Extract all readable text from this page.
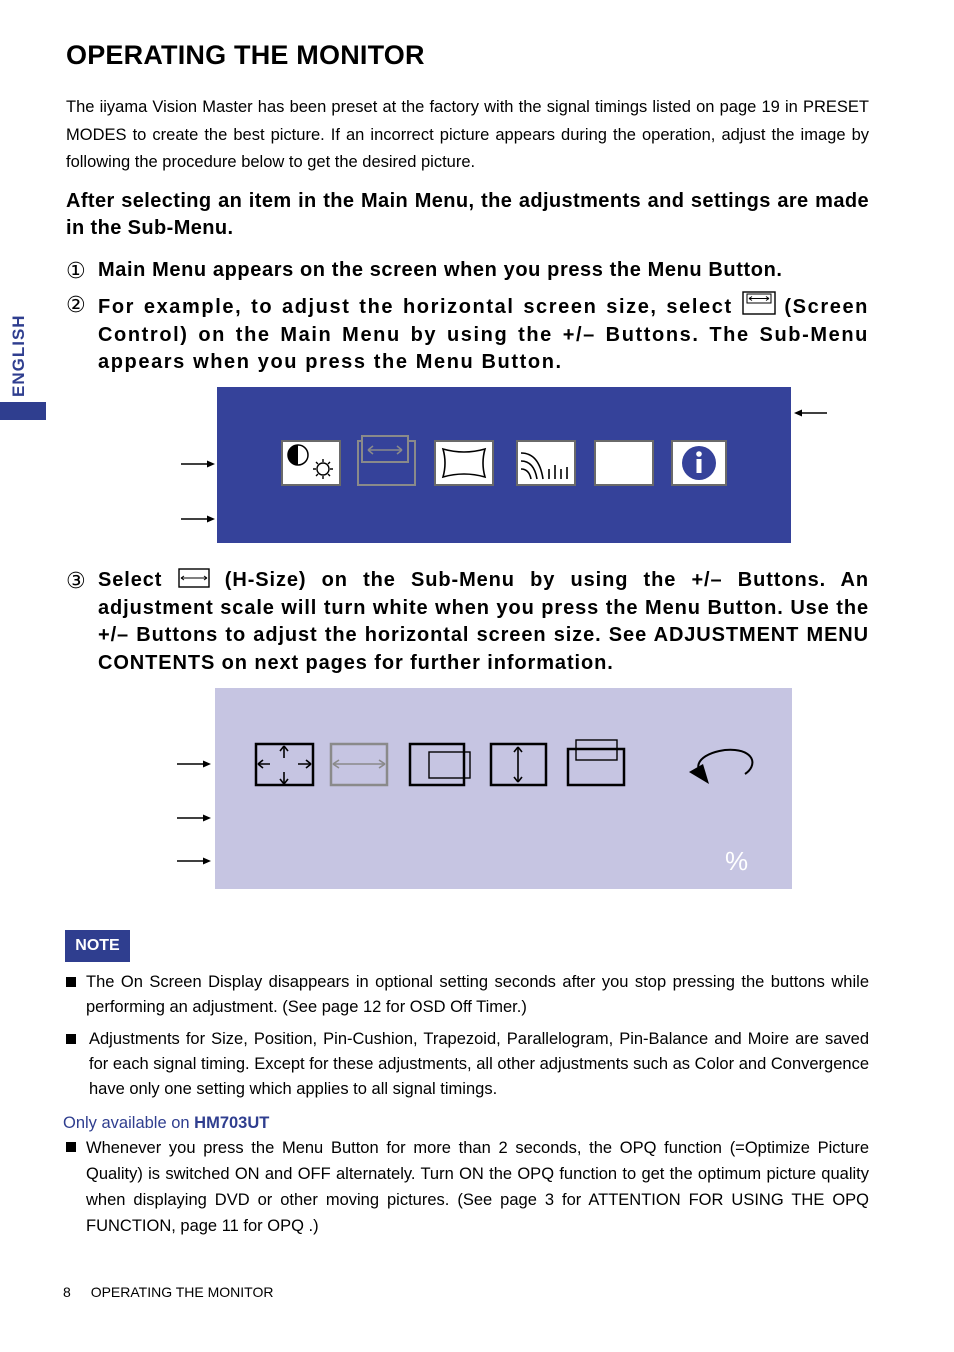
OPERATING THE MONITOR
The iiyama Vision Master has been preset at the factory with the signal timings listed on page 19 in PRESET MODES to create the best picture. If an incorrect picture appears during the operation, adjust the image by following the procedure below to get the desired picture.
After selecting an item in the Main Menu, the adjustments and settings are made in the Sub-Menu.
① Main Menu appears on the screen when you press the Menu Button.
② For example, to adjust the horizontal screen size, select	(Screen Control) on the Main Menu by using the +/– Buttons. The Sub-Menu appears when you press the Menu Button.
ENGLISH
③ Select	(H-Size) on the Sub-Menu by using the +/– Buttons. An adjustment scale will turn white when you press the Menu Button. Use the +/– Buttons to adjust the horizontal screen size. See ADJUSTMENT MENU CONTENTS on next pages for further information.
%
NOTE
The On Screen Display disappears in optional setting seconds after you stop pressing the buttons while performing an adjustment. (See page 12 for OSD Off Timer.)
Adjustments for Size, Position, Pin-Cushion, Trapezoid, Parallelogram, Pin-Balance and Moire are saved for each signal timing. Except for these adjustments, all other adjustments such as Color and Convergence have only one setting which applies to all signal timings.
Only available on HM703UT
Whenever you press the Menu Button for more than 2 seconds, the OPQ function (=Optimize Picture Quality) is switched ON and OFF alternately. Turn ON the OPQ function to get the optimum picture quality when displaying DVD or other moving pictures. (See page 3 for ATTENTION FOR USING THE OPQ FUNCTION, page 11 for OPQ .)
8 OPERATING THE MONITOR
